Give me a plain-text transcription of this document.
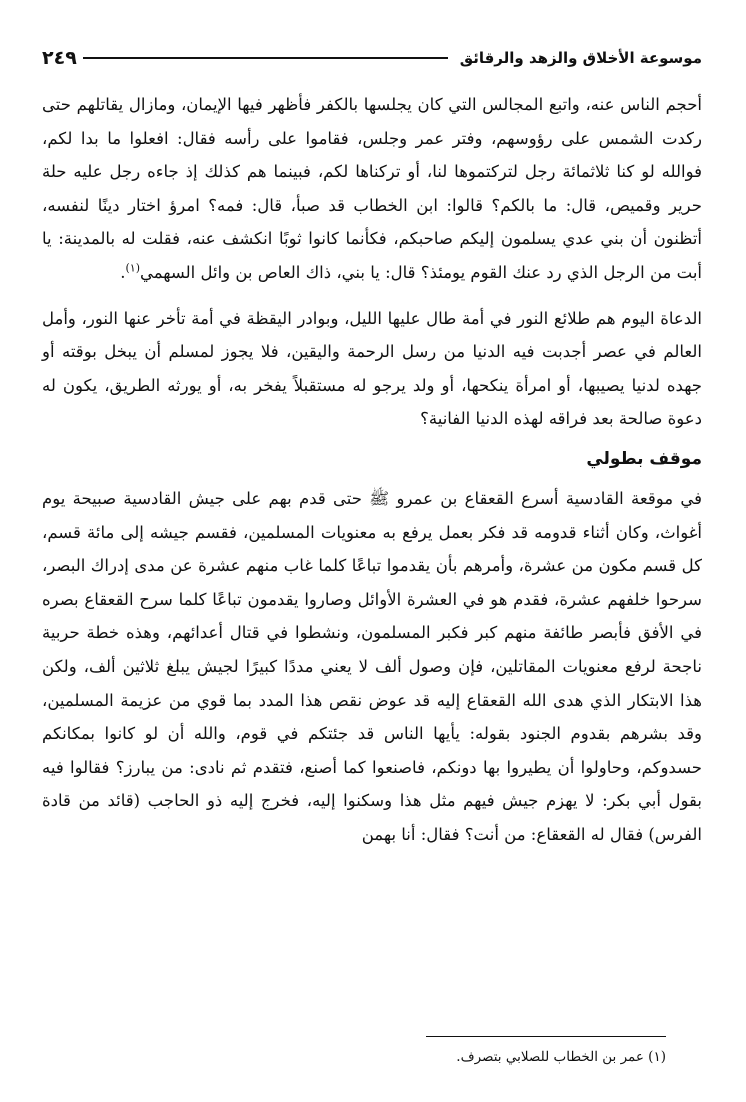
موسوعة الأخلاق والزهد والرقائق
٢٤٩

أحجم الناس عنه، واتبع المجالس التي كان يجلسها بالكفر فأظهر فيها الإيمان، ومازال يقاتلهم حتى ركدت الشمس على رؤوسهم، وفتر عمر وجلس، فقاموا على رأسه فقال: افعلوا ما بدا لكم، فوالله لو كنا ثلاثمائة رجل لتركتموها لنا، أو تركناها لكم، فبينما هم كذلك إذ جاءه رجل عليه حلة حرير وقميص، قال: ما بالكم؟ قالوا: ابن الخطاب قد صبأ، قال: فمه؟ امرؤ اختار دينًا لنفسه، أتظنون أن بني عدي يسلمون إليكم صاحبكم، فكأنما كانوا ثوبًا انكشف عنه، فقلت له بالمدينة: يا أبت من الرجل الذي رد عنك القوم يومئذ؟ قال: يا بني، ذاك العاص بن وائل السهمي$^{(١)}$.

الدعاة اليوم هم طلائع النور في أمة طال عليها الليل، وبوادر اليقظة في أمة تأخر عنها النور، وأمل العالم في عصر أجدبت فيه الدنيا من رسل الرحمة واليقين، فلا يجوز لمسلم أن يبخل بوقته أو جهده لدنيا يصيبها، أو امرأة ينكحها، أو ولد يرجو له مستقبلاً يفخر به، أو يورثه الطريق، يكون له دعوة صالحة بعد فراقه لهذه الدنيا الفانية؟

موقف بطولي

في موقعة القادسية أسرع القعقاع بن عمرو ﷺ حتى قدم بهم على جيش القادسية صبيحة يوم أغواث، وكان أثناء قدومه قد فكر بعمل يرفع به معنويات المسلمين، فقسم جيشه إلى مائة قسم، كل قسم مكون من عشرة، وأمرهم بأن يقدموا تباعًا كلما غاب منهم عشرة عن مدى إدراك البصر، سرحوا خلفهم عشرة، فقدم هو في العشرة الأوائل وصاروا يقدمون تباعًا كلما سرح القعقاع بصره في الأفق فأبصر طائفة منهم كبر فكبر المسلمون، ونشطوا في قتال أعدائهم، وهذه خطة حربية ناجحة لرفع معنويات المقاتلين، فإن وصول ألف لا يعني مددًا كبيرًا لجيش يبلغ ثلاثين ألف، ولكن هذا الابتكار الذي هدى الله القعقاع إليه قد عوض نقص هذا المدد بما قوي من عزيمة المسلمين، وقد بشرهم بقدوم الجنود بقوله: يأيها الناس قد جئتكم في قوم، والله أن لو كانوا بمكانكم حسدوكم، وحاولوا أن يطيروا بها دونكم، فاصنعوا كما أصنع، فتقدم ثم نادى: من يبارز؟ فقالوا فيه بقول أبي بكر: لا يهزم جيش فيهم مثل هذا وسكنوا إليه، فخرج إليه ذو الحاجب (قائد من قادة الفرس) فقال له القعقاع: من أنت؟ فقال: أنا بهمن

(١) عمر بن الخطاب للصلابي بتصرف.
